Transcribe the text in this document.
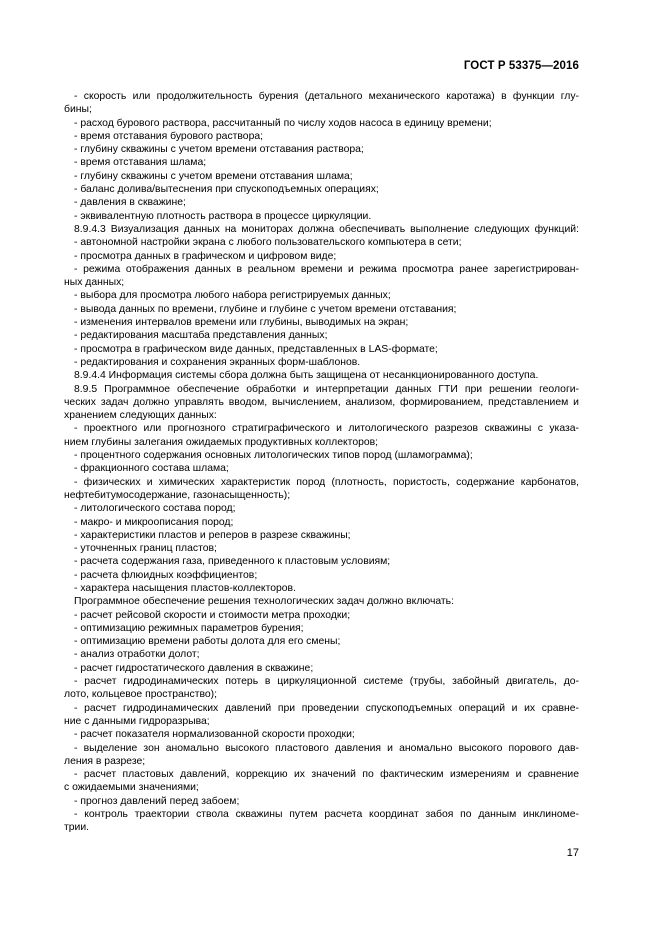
ГОСТ Р 53375—2016
- скорость или продолжительность бурения (детального механического каротажа) в функции глу-
бины;
- расход бурового раствора, рассчитанный по числу ходов насоса в единицу времени;
- время отставания бурового раствора;
- глубину скважины с учетом времени отставания раствора;
- время отставания шлама;
- глубину скважины с учетом времени отставания шлама;
- баланс долива/вытеснения при спускоподъемных операциях;
- давления в скважине;
- эквивалентную плотность раствора в процессе циркуляции.
8.9.4.3 Визуализация данных на мониторах должна обеспечивать выполнение следующих функций:
- автономной настройки экрана с любого пользовательского компьютера в сети;
- просмотра данных в графическом и цифровом виде;
- режима отображения данных в реальном времени и режима просмотра ранее зарегистрирован-
ных данных;
- выбора для просмотра любого набора регистрируемых данных;
- вывода данных по времени, глубине и глубине с учетом времени отставания;
- изменения интервалов времени или глубины, выводимых на экран;
- редактирования масштаба представления данных;
- просмотра в графическом виде данных, представленных в LAS-формате;
- редактирования и сохранения экранных форм-шаблонов.
8.9.4.4 Информация системы сбора должна быть защищена от несанкционированного доступа.
8.9.5 Программное обеспечение обработки и интерпретации данных ГТИ при решении геологи-
ческих задач должно управлять вводом, вычислением, анализом, формированием, представлением и
хранением следующих данных:
- проектного или прогнозного стратиграфического и литологического разрезов скважины с указа-
нием глубины залегания ожидаемых продуктивных коллекторов;
- процентного содержания основных литологических типов пород (шламограмма);
- фракционного состава шлама;
- физических и химических характеристик пород (плотность, пористость, содержание карбонатов,
нефтебитумосодержание, газонасыщенность);
- литологического состава пород;
- макро- и микроописания пород;
- характеристики пластов и реперов в разрезе скважины;
- уточненных границ пластов;
- расчета содержания газа, приведенного к пластовым условиям;
- расчета флюидных коэффициентов;
- характера насыщения пластов-коллекторов.
Программное обеспечение решения технологических задач должно включать:
- расчет рейсовой скорости и стоимости метра проходки;
- оптимизацию режимных параметров бурения;
- оптимизацию времени работы долота для его смены;
- анализ отработки долот;
- расчет гидростатического давления в скважине;
- расчет гидродинамических потерь в циркуляционной системе (трубы, забойный двигатель, до-
лото, кольцевое пространство);
- расчет гидродинамических давлений при проведении спускоподъемных операций и их сравне-
ние с данными гидроразрыва;
- расчет показателя нормализованной скорости проходки;
- выделение зон аномально высокого пластового давления и аномально высокого порового дав-
ления в разрезе;
- расчет пластовых давлений, коррекцию их значений по фактическим измерениям и сравнение
с ожидаемыми значениями;
- прогноз давлений перед забоем;
- контроль траектории ствола скважины путем расчета координат забоя по данным инклиноме-
трии.
17
